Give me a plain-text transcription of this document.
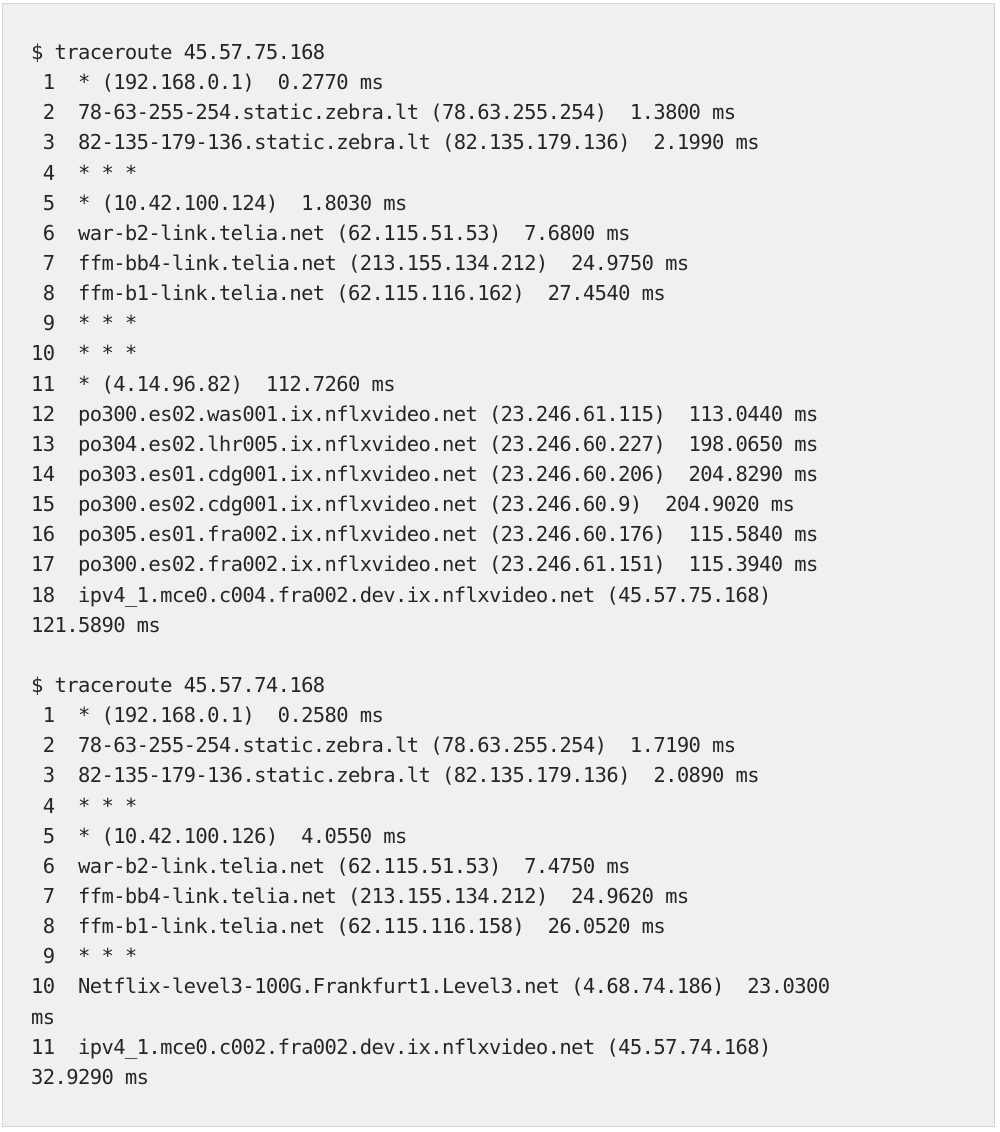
$ traceroute 45.57.75.168
1  * (192.168.0.1)  0.2770 ms
2  78-63-255-254.static.zebra.lt (78.63.255.254)  1.3800 ms
3  82-135-179-136.static.zebra.lt (82.135.179.136)  2.1990 ms
4  * * *
5  * (10.42.100.124)  1.8030 ms
6  war-b2-link.telia.net (62.115.51.53)  7.6800 ms
7  ffm-bb4-link.telia.net (213.155.134.212)  24.9750 ms
8  ffm-b1-link.telia.net (62.115.116.162)  27.4540 ms
9  * * *
10  * * *
11  * (4.14.96.82)  112.7260 ms
12  po300.es02.was001.ix.nflxvideo.net (23.246.61.115)  113.0440 ms
13  po304.es02.lhr005.ix.nflxvideo.net (23.246.60.227)  198.0650 ms
14  po303.es01.cdg001.ix.nflxvideo.net (23.246.60.206)  204.8290 ms
15  po300.es02.cdg001.ix.nflxvideo.net (23.246.60.9)  204.9020 ms
16  po305.es01.fra002.ix.nflxvideo.net (23.246.60.176)  115.5840 ms
17  po300.es02.fra002.ix.nflxvideo.net (23.246.61.151)  115.3940 ms
18  ipv4_1.mce0.c004.fra002.dev.ix.nflxvideo.net (45.57.75.168)
121.5890 ms
$ traceroute 45.57.74.168
1  * (192.168.0.1)  0.2580 ms
2  78-63-255-254.static.zebra.lt (78.63.255.254)  1.7190 ms
3  82-135-179-136.static.zebra.lt (82.135.179.136)  2.0890 ms
4  * * *
5  * (10.42.100.126)  4.0550 ms
6  war-b2-link.telia.net (62.115.51.53)  7.4750 ms
7  ffm-bb4-link.telia.net (213.155.134.212)  24.9620 ms
8  ffm-b1-link.telia.net (62.115.116.158)  26.0520 ms
9  * * *
10  Netflix-level3-100G.Frankfurt1.Level3.net (4.68.74.186)  23.0300
ms
11  ipv4_1.mce0.c002.fra002.dev.ix.nflxvideo.net (45.57.74.168)
32.9290 ms
